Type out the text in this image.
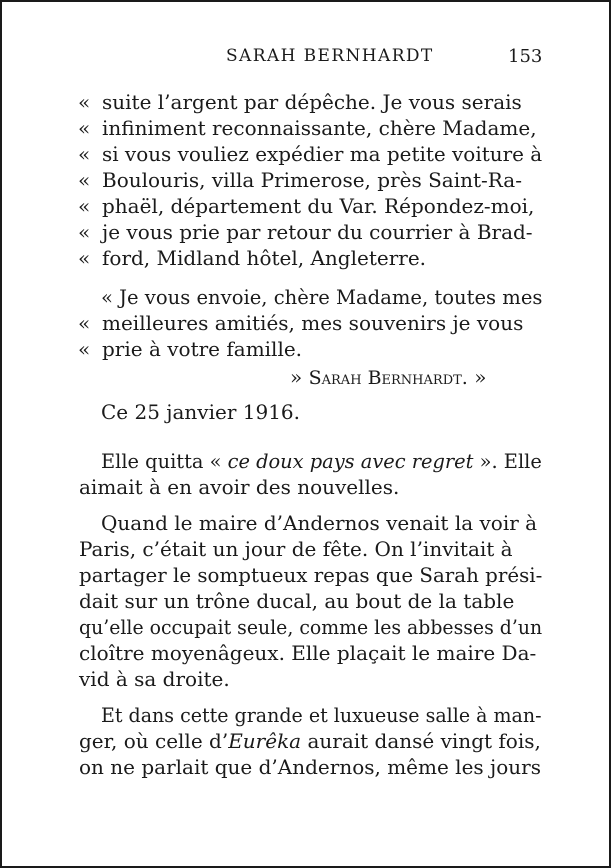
SARAH BERNHARDT	153
« suite l’argent par dépêche. Je vous serais
« infiniment reconnaissante, chère Madame,
« si vous vouliez expédier ma petite voiture à
« Boulouris, villa Primerose, près Saint-Ra-
« phaël, département du Var. Répondez-moi,
« je vous prie par retour du courrier à Brad-
« ford, Midland hôtel, Angleterre.
« Je vous envoie, chère Madame, toutes mes
« meilleures amitiés, mes souvenirs je vous
« prie à votre famille.
» Sarah Bernhardt. »
Ce 25 janvier 1916.
Elle quitta « ce doux pays avec regret ». Elle
aimait à en avoir des nouvelles.
Quand le maire d’Andernos venait la voir à
Paris, c’était un jour de fête. On l’invitait à
partager le somptueux repas que Sarah prési-
dait sur un trône ducal, au bout de la table
qu’elle occupait seule, comme les abbesses d’un
cloître moyenâgeux. Elle plaçait le maire Da-
vid à sa droite.
Et dans cette grande et luxueuse salle à man-
ger, où celle d’Eurêka aurait dansé vingt fois,
on ne parlait que d’Andernos, même les jours
